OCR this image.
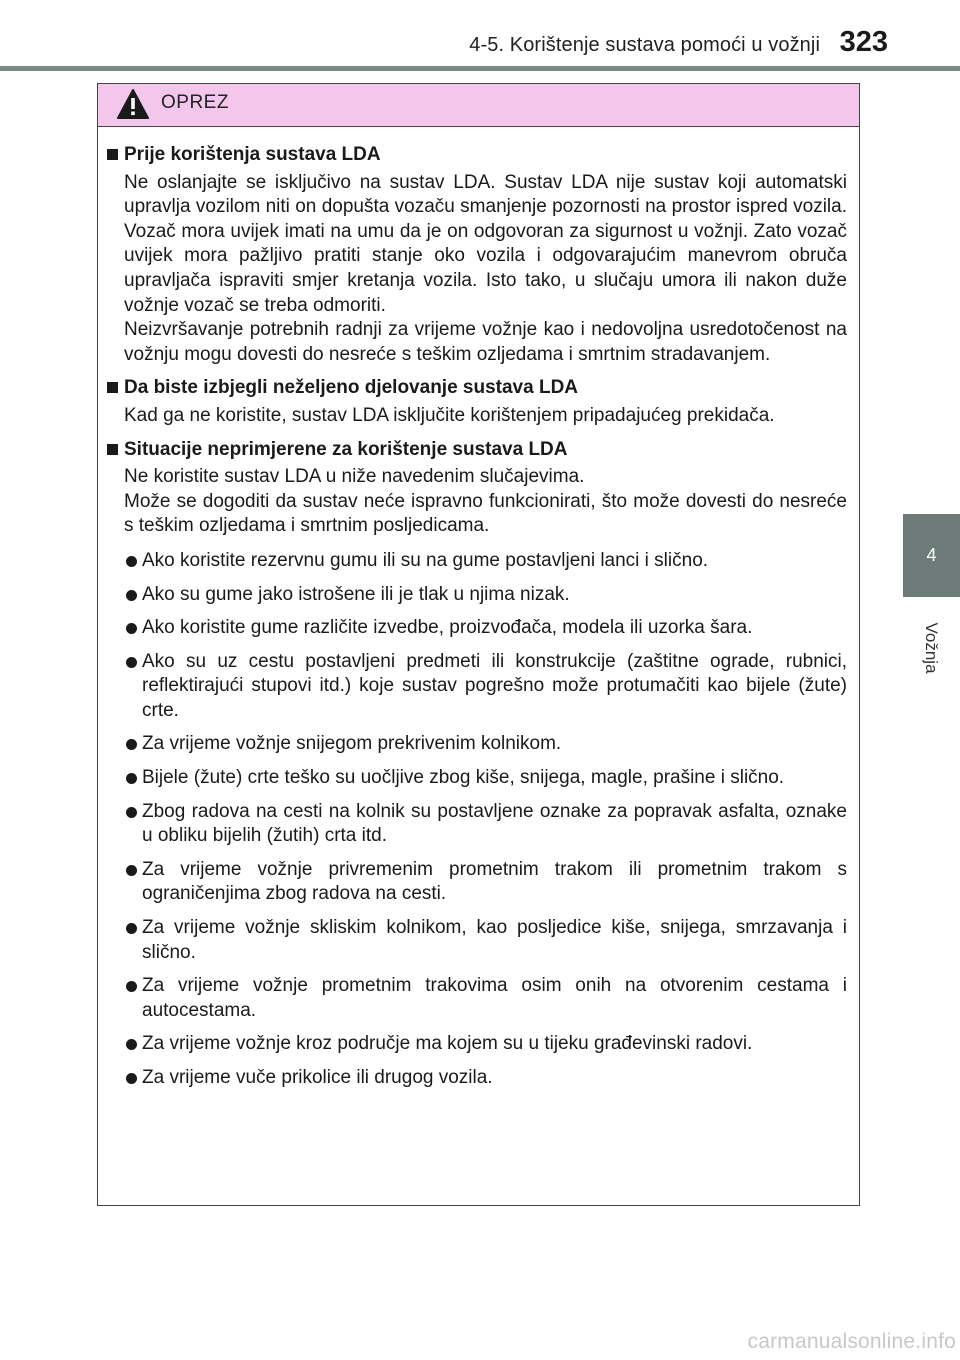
4-5. Korištenje sustava pomoći u vožnji 323
4
Vožnja
OPREZ
Prije korištenja sustava LDA
Ne oslanjajte se isključivo na sustav LDA. Sustav LDA nije sustav koji automatski upravlja vozilom niti on dopušta vozaču smanjenje pozornosti na prostor ispred vozila. Vozač mora uvijek imati na umu da je on odgovoran za sigurnost u vožnji. Zato vozač uvijek mora pažljivo pratiti stanje oko vozila i odgovarajućim manevrom obruča upravljača ispraviti smjer kretanja vozila. Isto tako, u slučaju umora ili nakon duže vožnje vozač se treba odmoriti.
Neizvršavanje potrebnih radnji za vrijeme vožnje kao i nedovoljna usredotočenost na vožnju mogu dovesti do nesreće s teškim ozljedama i smrtnim stradavanjem.
Da biste izbjegli neželjeno djelovanje sustava LDA
Kad ga ne koristite, sustav LDA isključite korištenjem pripadajućeg prekidača.
Situacije neprimjerene za korištenje sustava LDA
Ne koristite sustav LDA u niže navedenim slučajevima.
Može se dogoditi da sustav neće ispravno funkcionirati, što može dovesti do nesreće s teškim ozljedama i smrtnim posljedicama.
Ako koristite rezervnu gumu ili su na gume postavljeni lanci i slično.
Ako su gume jako istrošene ili je tlak u njima nizak.
Ako koristite gume različite izvedbe, proizvođača, modela ili uzorka šara.
Ako su uz cestu postavljeni predmeti ili konstrukcije (zaštitne ograde, rubnici, reflektirajući stupovi itd.) koje sustav pogrešno može protumačiti kao bijele (žute) crte.
Za vrijeme vožnje snijegom prekrivenim kolnikom.
Bijele (žute) crte teško su uočljive zbog kiše, snijega, magle, prašine i slično.
Zbog radova na cesti na kolnik su postavljene oznake za popravak asfalta, oznake u obliku bijelih (žutih) crta itd.
Za vrijeme vožnje privremenim prometnim trakom ili prometnim trakom s ograničenjima zbog radova na cesti.
Za vrijeme vožnje skliskim kolnikom, kao posljedice kiše, snijega, smrzavanja i slično.
Za vrijeme vožnje prometnim trakovima osim onih na otvorenim cestama i autocestama.
Za vrijeme vožnje kroz područje ma kojem su u tijeku građevinski radovi.
Za vrijeme vuče prikolice ili drugog vozila.
carmanualsonline.info
